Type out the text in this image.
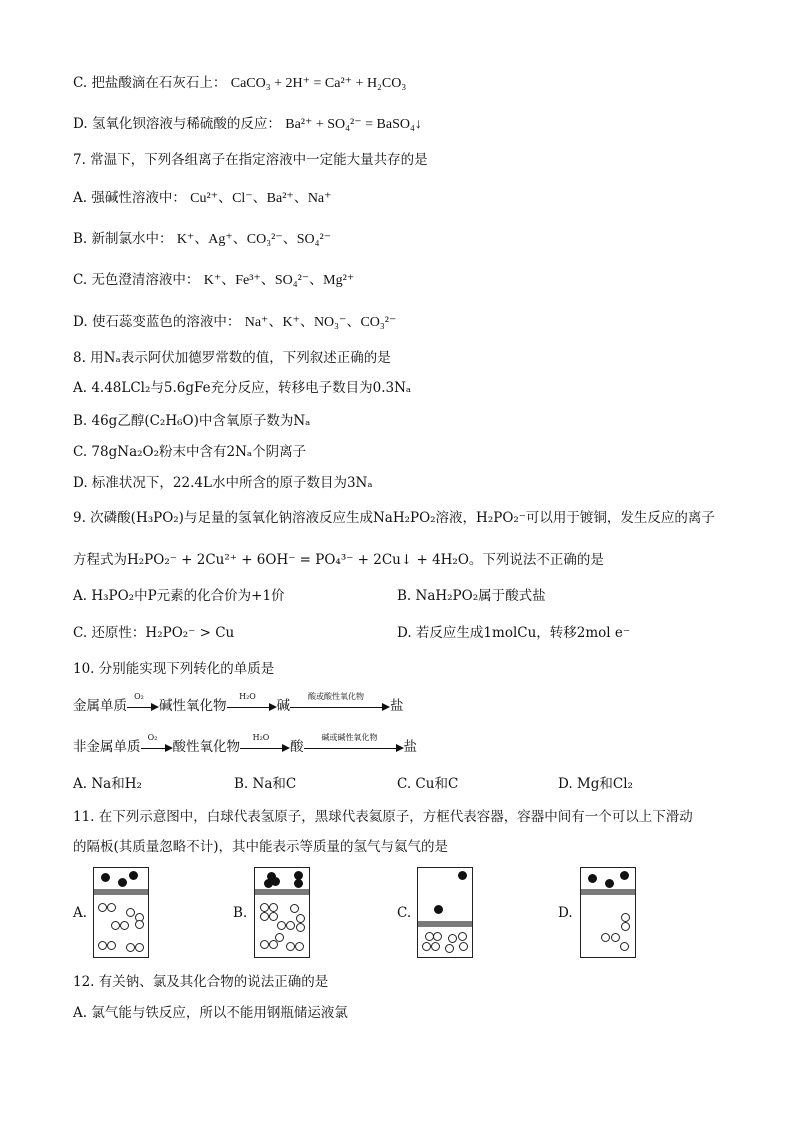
C. 把盐酸滴在石灰石上： CaCO₃ + 2H⁺ = Ca²⁺ + H₂CO₃
D. 氢氧化钡溶液与稀硫酸的反应： Ba²⁺ + SO₄²⁻ = BaSO₄↓
7. 常温下，下列各组离子在指定溶液中一定能大量共存的是
A. 强碱性溶液中： Cu²⁺、Cl⁻、Ba²⁺、Na⁺
B. 新制氯水中： K⁺、Ag⁺、CO₃²⁻、SO₄²⁻
C. 无色澄清溶液中： K⁺、Fe³⁺、SO₄²⁻、Mg²⁺
D. 使石蕊变蓝色的溶液中： Na⁺、K⁺、NO₃⁻、CO₃²⁻
8. 用Nₐ表示阿伏加德罗常数的值，下列叙述正确的是
A. 4.48LCl₂与5.6gFe充分反应，转移电子数目为0.3Nₐ
B. 46g乙醇(C₂H₆O)中含氧原子数为Nₐ
C. 78gNa₂O₂粉末中含有2Nₐ个阴离子
D. 标准状况下，22.4L水中所含的原子数目为3Nₐ
9. 次磷酸(H₃PO₂)与足量的氢氧化钠溶液反应生成NaH₂PO₂溶液，H₂PO₂⁻可以用于镀铜，发生反应的离子
方程式为H₂PO₂⁻ + 2Cu²⁺ + 6OH⁻ = PO₄³⁻ + 2Cu↓ + 4H₂O。下列说法不正确的是
A. H₃PO₂中P元素的化合价为+1价	B. NaH₂PO₂属于酸式盐
C. 还原性：H₂PO₂⁻ > Cu	D. 若反应生成1molCu，转移2mol e⁻
10. 分别能实现下列转化的单质是
金属单质
O₂
碱性氧化物
H₂O
碱
酸或酸性氧化物
盐
非金属单质
O₂
酸性氧化物
H₂O
酸
碱或碱性氧化物
盐
A. Na和H₂	B. Na和C	C. Cu和C	D. Mg和Cl₂
11. 在下列示意图中，白球代表氢原子，黑球代表氦原子，方框代表容器，容器中间有一个可以上下滑动
的隔板(其质量忽略不计)，其中能表示等质量的氢气与氦气的是
A.	B.	C.	D.
12. 有关钠、氯及其化合物的说法正确的是
A. 氯气能与铁反应，所以不能用钢瓶储运液氯
